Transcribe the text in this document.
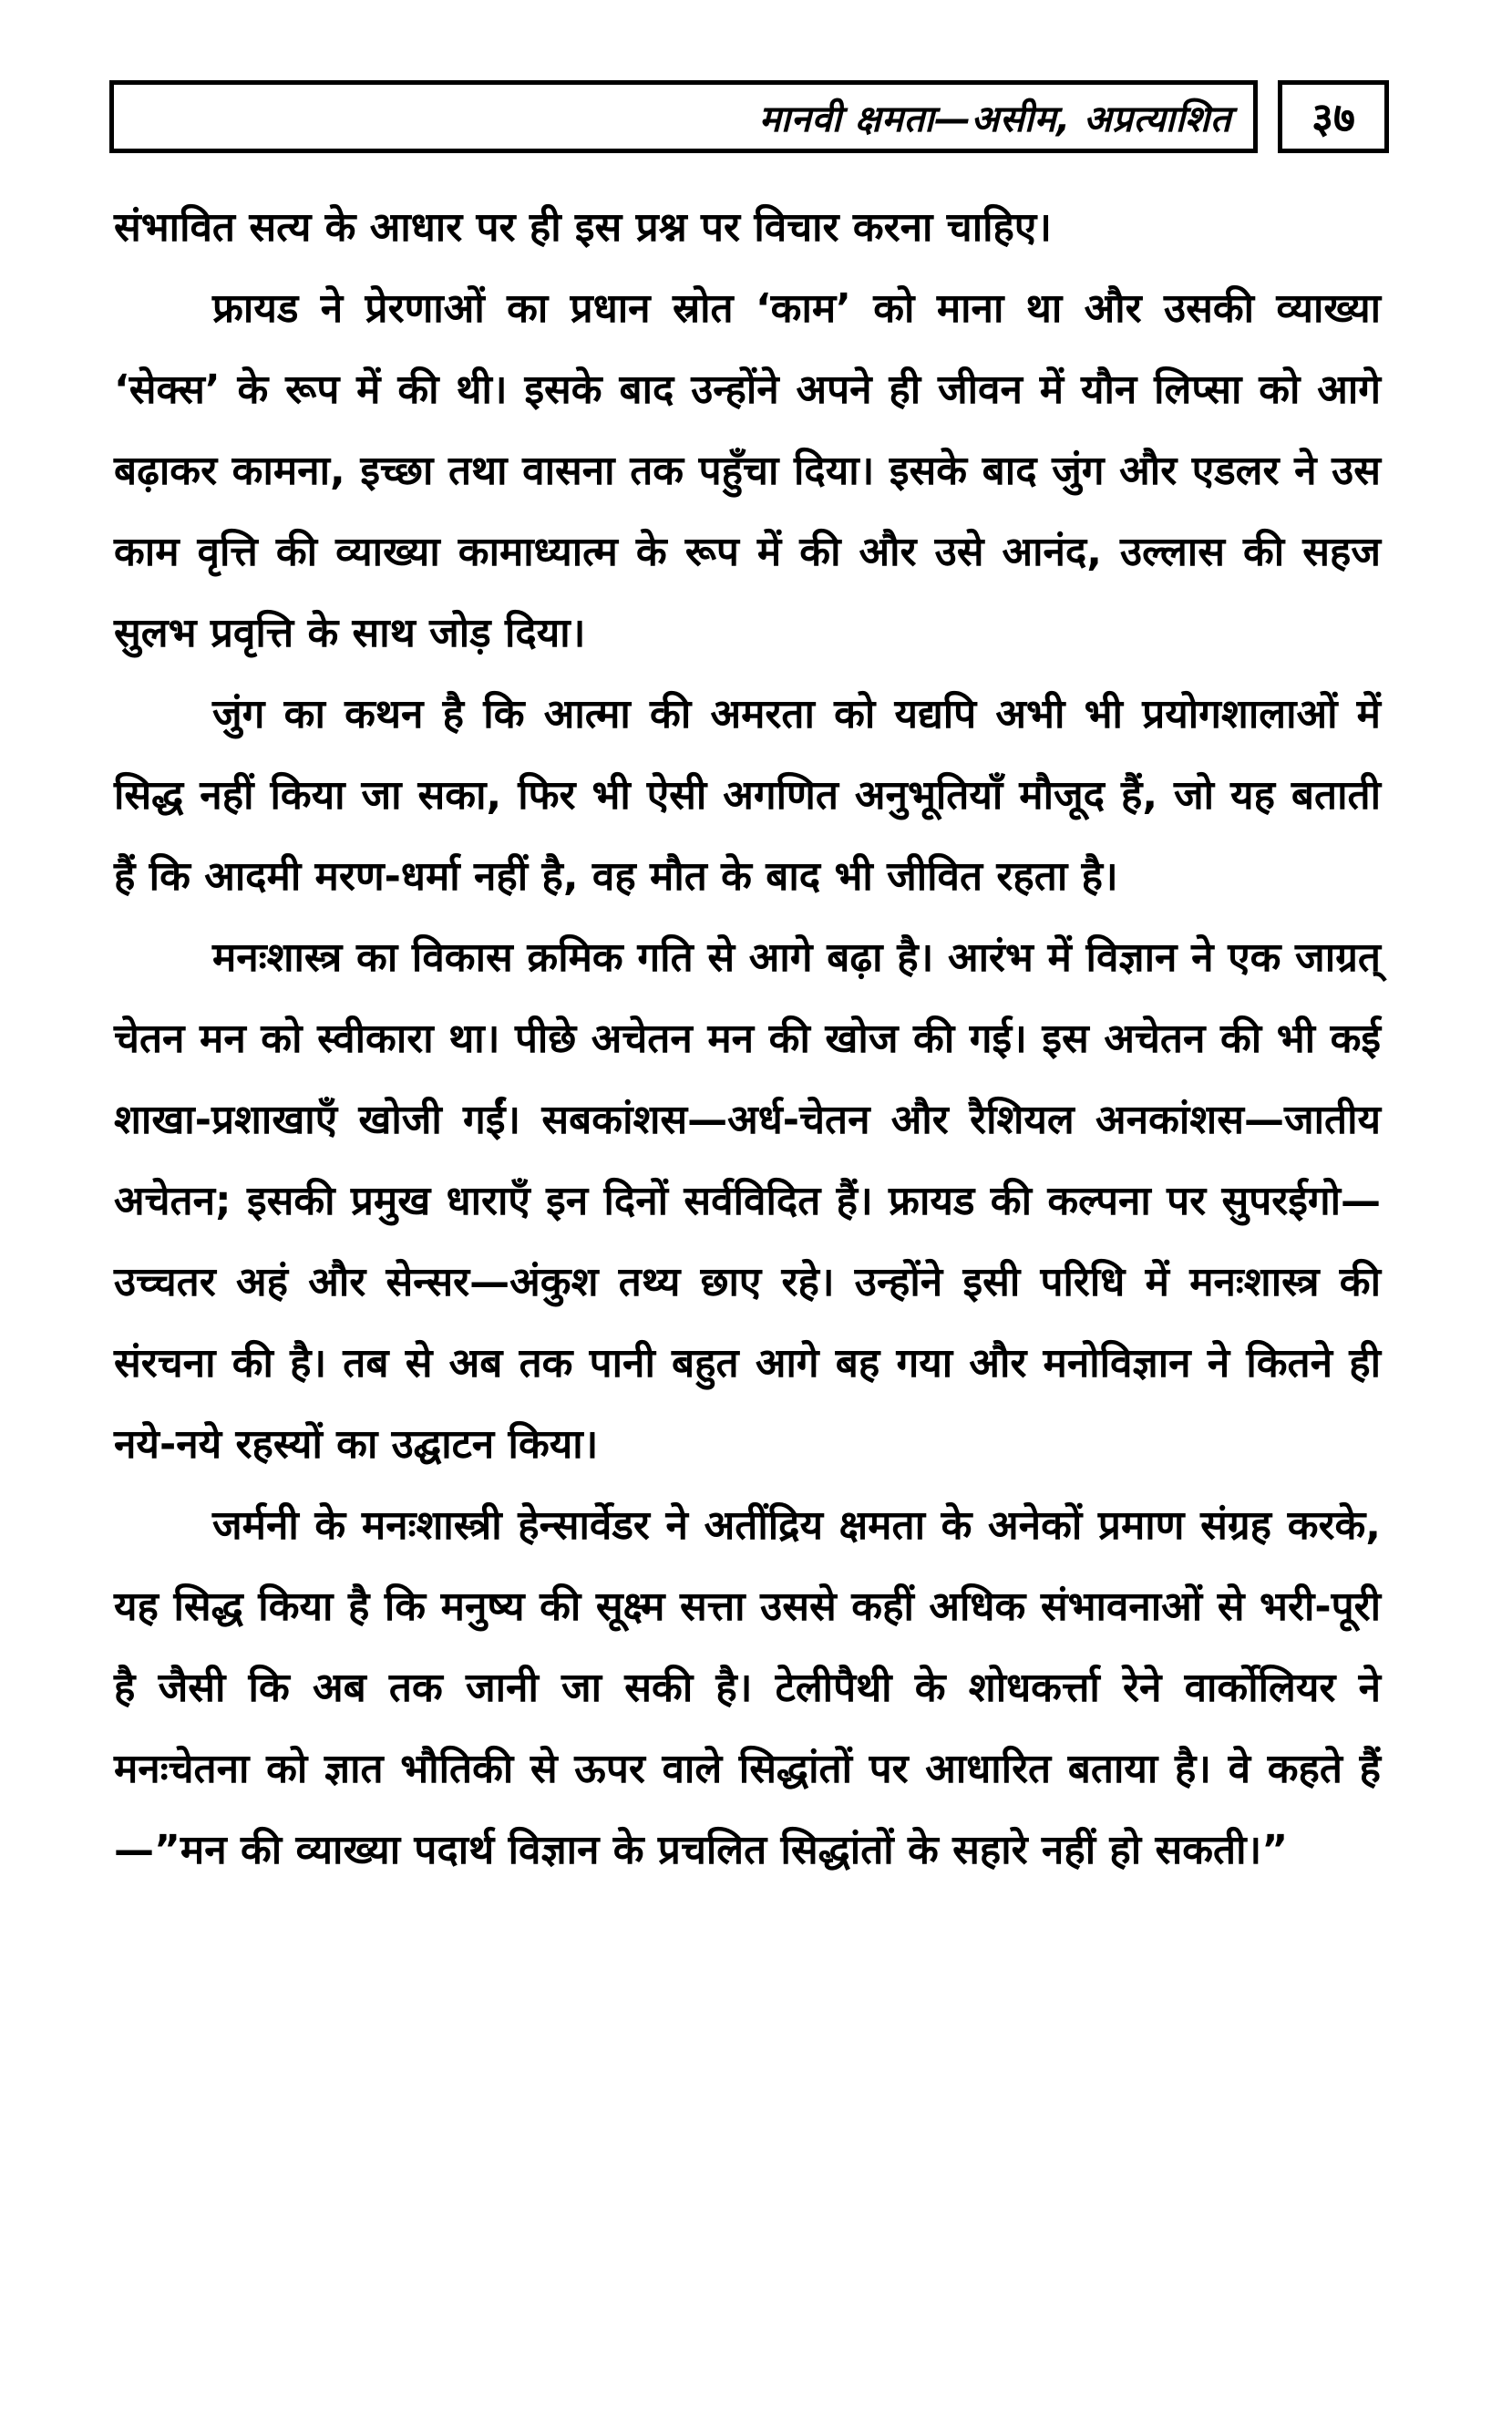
मानवी क्षमता—असीम, अप्रत्याशित ३७

संभावित सत्य के आधार पर ही इस प्रश्न पर विचार करना चाहिए।

फ्रायड ने प्रेरणाओं का प्रधान स्रोत ‘काम’ को माना था और उसकी व्याख्या ‘सेक्स’ के रूप में की थी। इसके बाद उन्होंने अपने ही जीवन में यौन लिप्सा को आगे बढ़ाकर कामना, इच्छा तथा वासना तक पहुँचा दिया। इसके बाद जुंग और एडलर ने उस काम वृत्ति की व्याख्या कामाध्यात्म के रूप में की और उसे आनंद, उल्लास की सहज सुलभ प्रवृत्ति के साथ जोड़ दिया।

जुंग का कथन है कि आत्मा की अमरता को यद्यपि अभी भी प्रयोगशालाओं में सिद्ध नहीं किया जा सका, फिर भी ऐसी अगणित अनुभूतियाँ मौजूद हैं, जो यह बताती हैं कि आदमी मरण-धर्मा नहीं है, वह मौत के बाद भी जीवित रहता है।

मनःशास्त्र का विकास क्रमिक गति से आगे बढ़ा है। आरंभ में विज्ञान ने एक जाग्रत् चेतन मन को स्वीकारा था। पीछे अचेतन मन की खोज की गई। इस अचेतन की भी कई शाखा-प्रशाखाएँ खोजी गईं। सबकांशस—अर्ध-चेतन और रैशियल अनकांशस—जातीय अचेतन; इसकी प्रमुख धाराएँ इन दिनों सर्वविदित हैं। फ्रायड की कल्पना पर सुपरईगो—उच्चतर अहं और सेन्सर—अंकुश तथ्य छाए रहे। उन्होंने इसी परिधि में मनःशास्त्र की संरचना की है। तब से अब तक पानी बहुत आगे बह गया और मनोविज्ञान ने कितने ही नये-नये रहस्यों का उद्घाटन किया।

जर्मनी के मनःशास्त्री हेन्सार्वेडर ने अतींद्रिय क्षमता के अनेकों प्रमाण संग्रह करके, यह सिद्ध किया है कि मनुष्य की सूक्ष्म सत्ता उससे कहीं अधिक संभावनाओं से भरी-पूरी है जैसी कि अब तक जानी जा सकी है। टेलीपैथी के शोधकर्त्ता रेने वार्कोलियर ने मनःचेतना को ज्ञात भौतिकी से ऊपर वाले सिद्धांतों पर आधारित बताया है। वे कहते हैं—”मन की व्याख्या पदार्थ विज्ञान के प्रचलित सिद्धांतों के सहारे नहीं हो सकती।”
